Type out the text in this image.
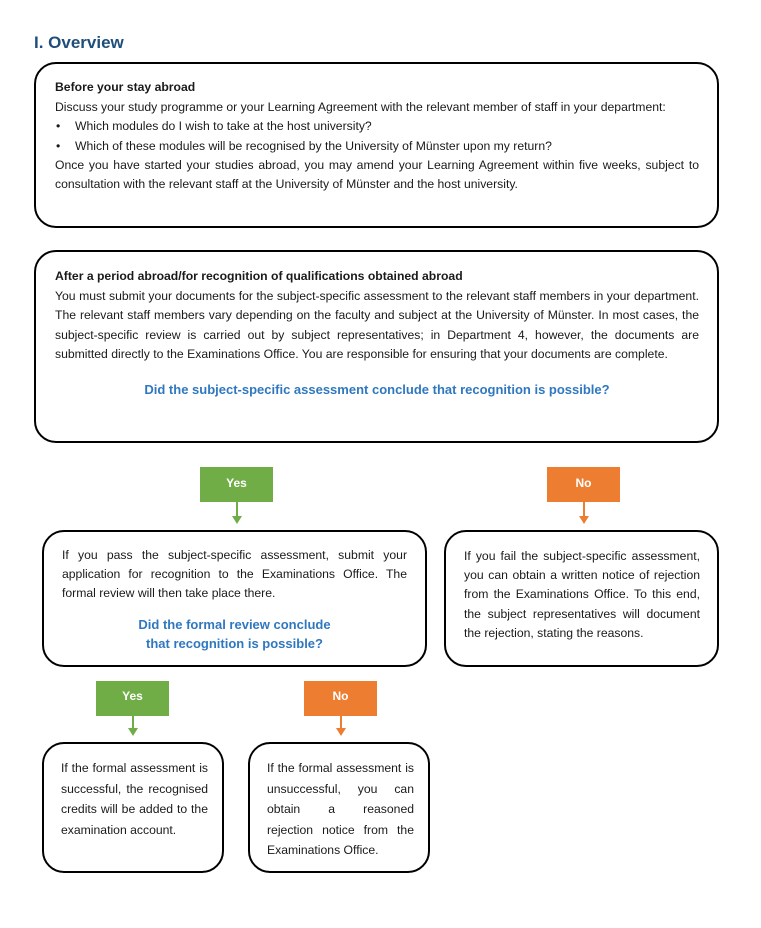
I. Overview

Before your stay abroad

Discuss your study programme or your Learning Agreement with the relevant member of staff in your department:

• Which modules do I wish to take at the host university?
• Which of these modules will be recognised by the University of Münster upon my return?

Once you have started your studies abroad, you may amend your Learning Agreement within five weeks, subject to consultation with the relevant staff at the University of Münster and the host university.

After a period abroad/for recognition of qualifications obtained abroad

You must submit your documents for the subject-specific assessment to the relevant staff members in your department. The relevant staff members vary depending on the faculty and subject at the University of Münster. In most cases, the subject-specific review is carried out by subject representatives; in Department 4, however, the documents are submitted directly to the Examinations Office. You are responsible for ensuring that your documents are complete.

Did the subject-specific assessment conclude that recognition is possible?

Yes	No

If you pass the subject-specific assessment, submit your application for recognition to the Examinations Office. The formal review will then take place there.

Did the formal review conclude

that recognition is possible?

If you fail the subject-specific assessment, you can obtain a written notice of rejection from the Examinations Office. To this end, the subject representatives will document the rejection, stating the reasons.

Yes	No

If the formal assessment is successful, the recognised credits will be added to the examination account.

If the formal assessment is unsuccessful, you can obtain a reasoned rejection notice from the Examinations Office.
